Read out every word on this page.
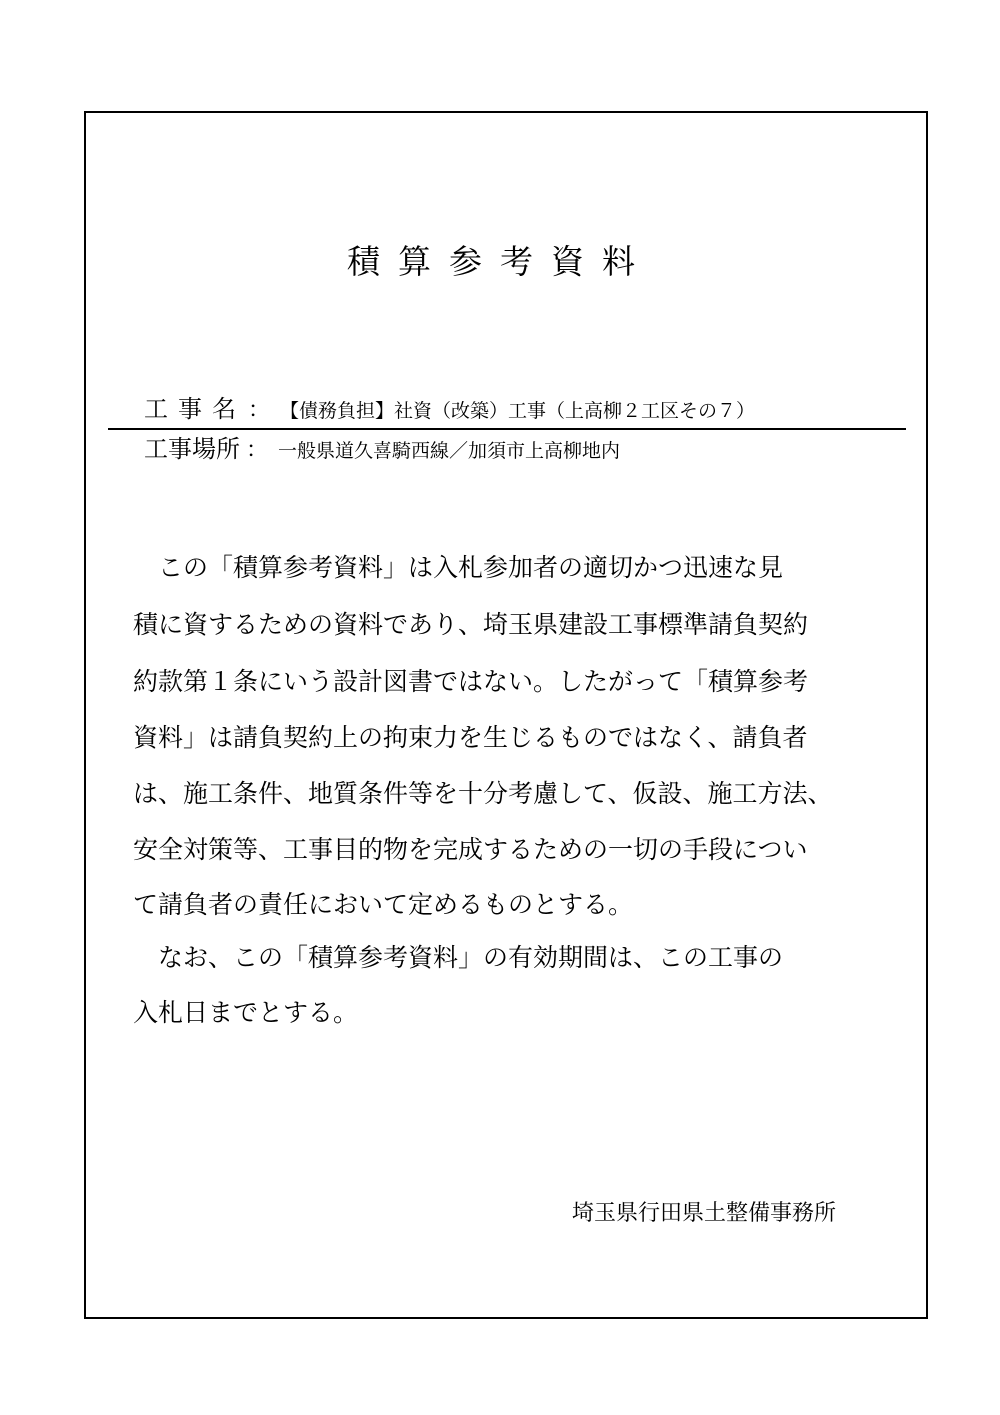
積算参考資料
工事名 ： 【債務負担】社資（改築）工事（上高柳２工区その７）
工事場所 ： 一般県道久喜騎西線／加須市上高柳地内
　この「積算参考資料」は入札参加者の適切かつ迅速な見
積に資するための資料であり、埼玉県建設工事標準請負契約
約款第１条にいう設計図書ではない。したがって「積算参考
資料」は請負契約上の拘束力を生じるものではなく、請負者
は、施工条件、地質条件等を十分考慮して、仮設、施工方法、
安全対策等、工事目的物を完成するための一切の手段につい
て請負者の責任において定めるものとする。
　なお、この「積算参考資料」の有効期間は、この工事の
入札日までとする。
埼玉県行田県土整備事務所
